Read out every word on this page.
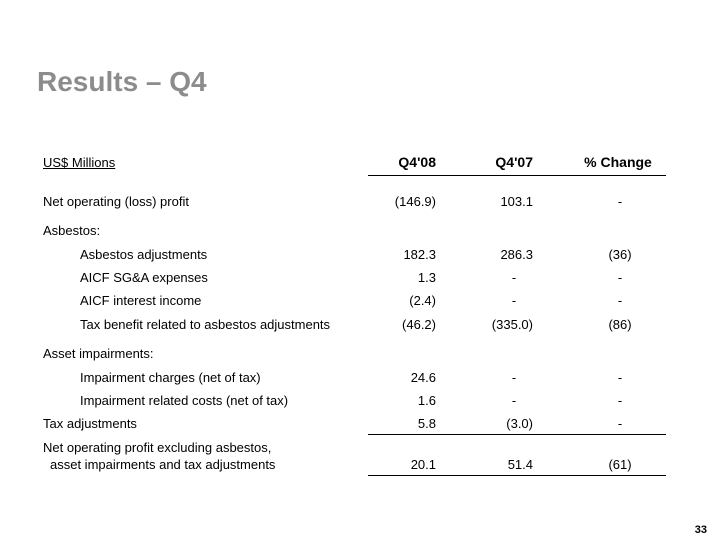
Results – Q4
US$ Millions	Q4'08	Q4'07	% Change
Net operating (loss) profit	(146.9)	103.1	-
Asbestos:
Asbestos adjustments	182.3	286.3	(36)
AICF SG&A expenses	1.3	-	-
AICF interest income	(2.4)	-	-
Tax benefit related to asbestos adjustments	(46.2)	(335.0)	(86)
Asset impairments:
Impairment charges (net of tax)	24.6	-	-
Impairment related costs (net of tax)	1.6	-	-
Tax adjustments	5.8	(3.0)	-
Net operating profit excluding asbestos,
asset impairments and tax adjustments	20.1	51.4	(61)
33
